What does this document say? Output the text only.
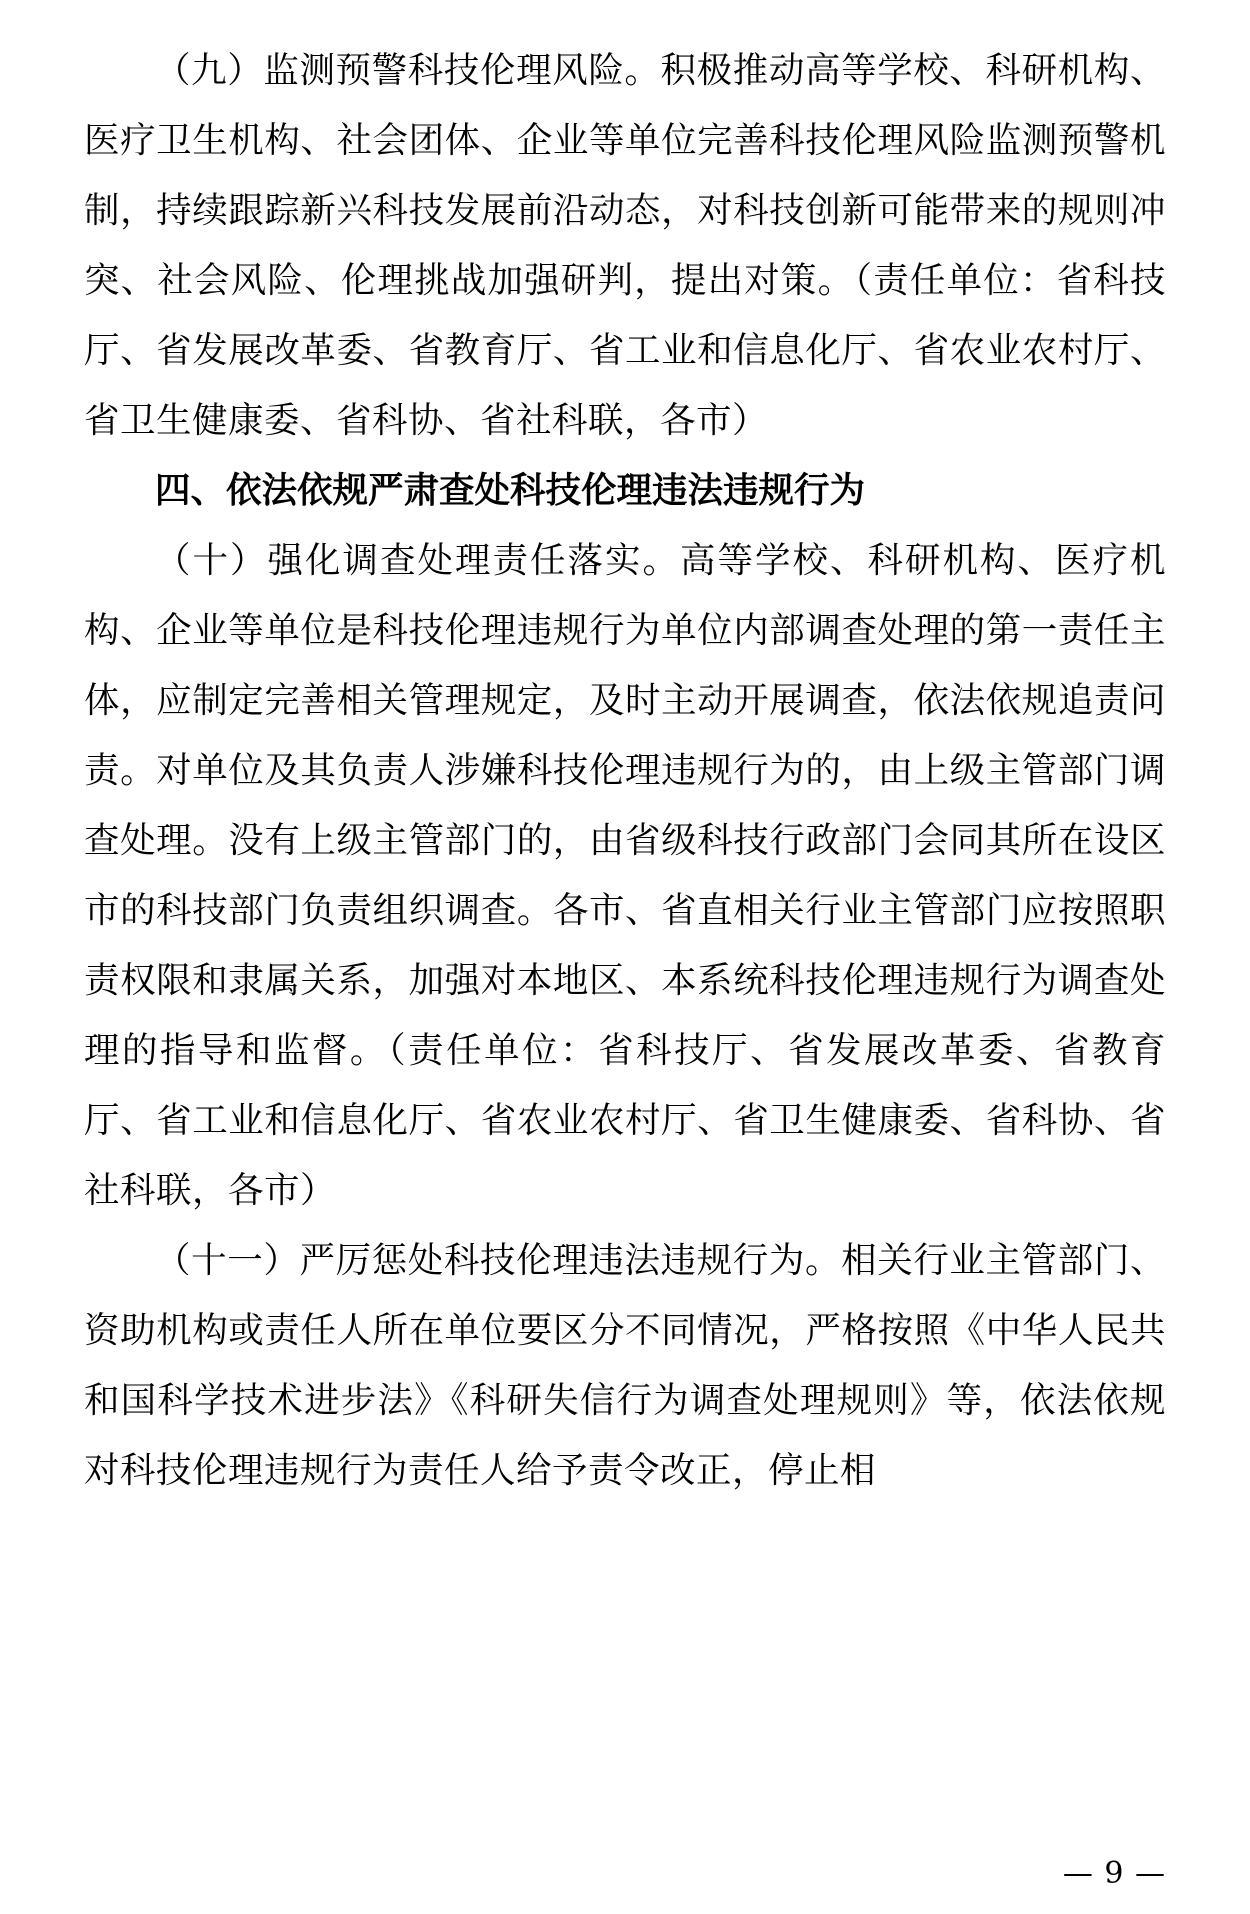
（九）监测预警科技伦理风险。积极推动高等学校、科研机构、医疗卫生机构、社会团体、企业等单位完善科技伦理风险监测预警机制，持续跟踪新兴科技发展前沿动态，对科技创新可能带来的规则冲突、社会风险、伦理挑战加强研判，提出对策。（责任单位：省科技厅、省发展改革委、省教育厅、省工业和信息化厅、省农业农村厅、省卫生健康委、省科协、省社科联，各市）

四、依法依规严肃查处科技伦理违法违规行为

（十）强化调查处理责任落实。高等学校、科研机构、医疗机构、企业等单位是科技伦理违规行为单位内部调查处理的第一责任主体，应制定完善相关管理规定，及时主动开展调查，依法依规追责问责。对单位及其负责人涉嫌科技伦理违规行为的，由上级主管部门调查处理。没有上级主管部门的，由省级科技行政部门会同其所在设区市的科技部门负责组织调查。各市、省直相关行业主管部门应按照职责权限和隶属关系，加强对本地区、本系统科技伦理违规行为调查处理的指导和监督。（责任单位：省科技厅、省发展改革委、省教育厅、省工业和信息化厅、省农业农村厅、省卫生健康委、省科协、省社科联，各市）

（十一）严厉惩处科技伦理违法违规行为。相关行业主管部门、资助机构或责任人所在单位要区分不同情况，严格按照《中华人民共和国科学技术进步法》《科研失信行为调查处理规则》等，依法依规对科技伦理违规行为责任人给予责令改正，停止相

— 9 —
